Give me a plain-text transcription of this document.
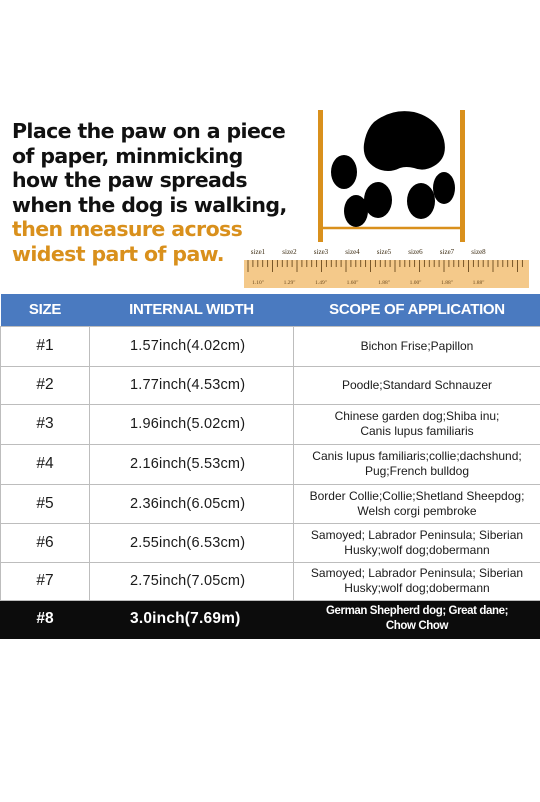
Place the paw on a piece
of paper, minmicking
how the paw spreads
when the dog is walking,
then measure across
widest part of paw.	size1
1.10"
size2
1.29"
size3
1.49"
size4
1.60"
size5
1.88"
size6
1.00"
size7
1.88"
size8
1.88"
SIZE	INTERNAL WIDTH	SCOPE OF APPLICATION
#1	1.57inch(4.02cm)	Bichon Frise;Papillon
#2	1.77inch(4.53cm)	Poodle;Standard Schnauzer
#3	1.96inch(5.02cm)	Chinese garden dog;Shiba inu;
Canis lupus familiaris
#4	2.16inch(5.53cm)	Canis lupus familiaris;collie;dachshund;
Pug;French bulldog
#5	2.36inch(6.05cm)	Border Collie;Collie;Shetland Sheepdog;
Welsh corgi pembroke
#6	2.55inch(6.53cm)	Samoyed; Labrador Peninsula; Siberian
Husky;wolf dog;dobermann
#7	2.75inch(7.05cm)	Samoyed; Labrador Peninsula; Siberian
Husky;wolf dog;dobermann
#8	3.0inch(7.69m)	German Shepherd dog; Great dane;
Chow Chow
